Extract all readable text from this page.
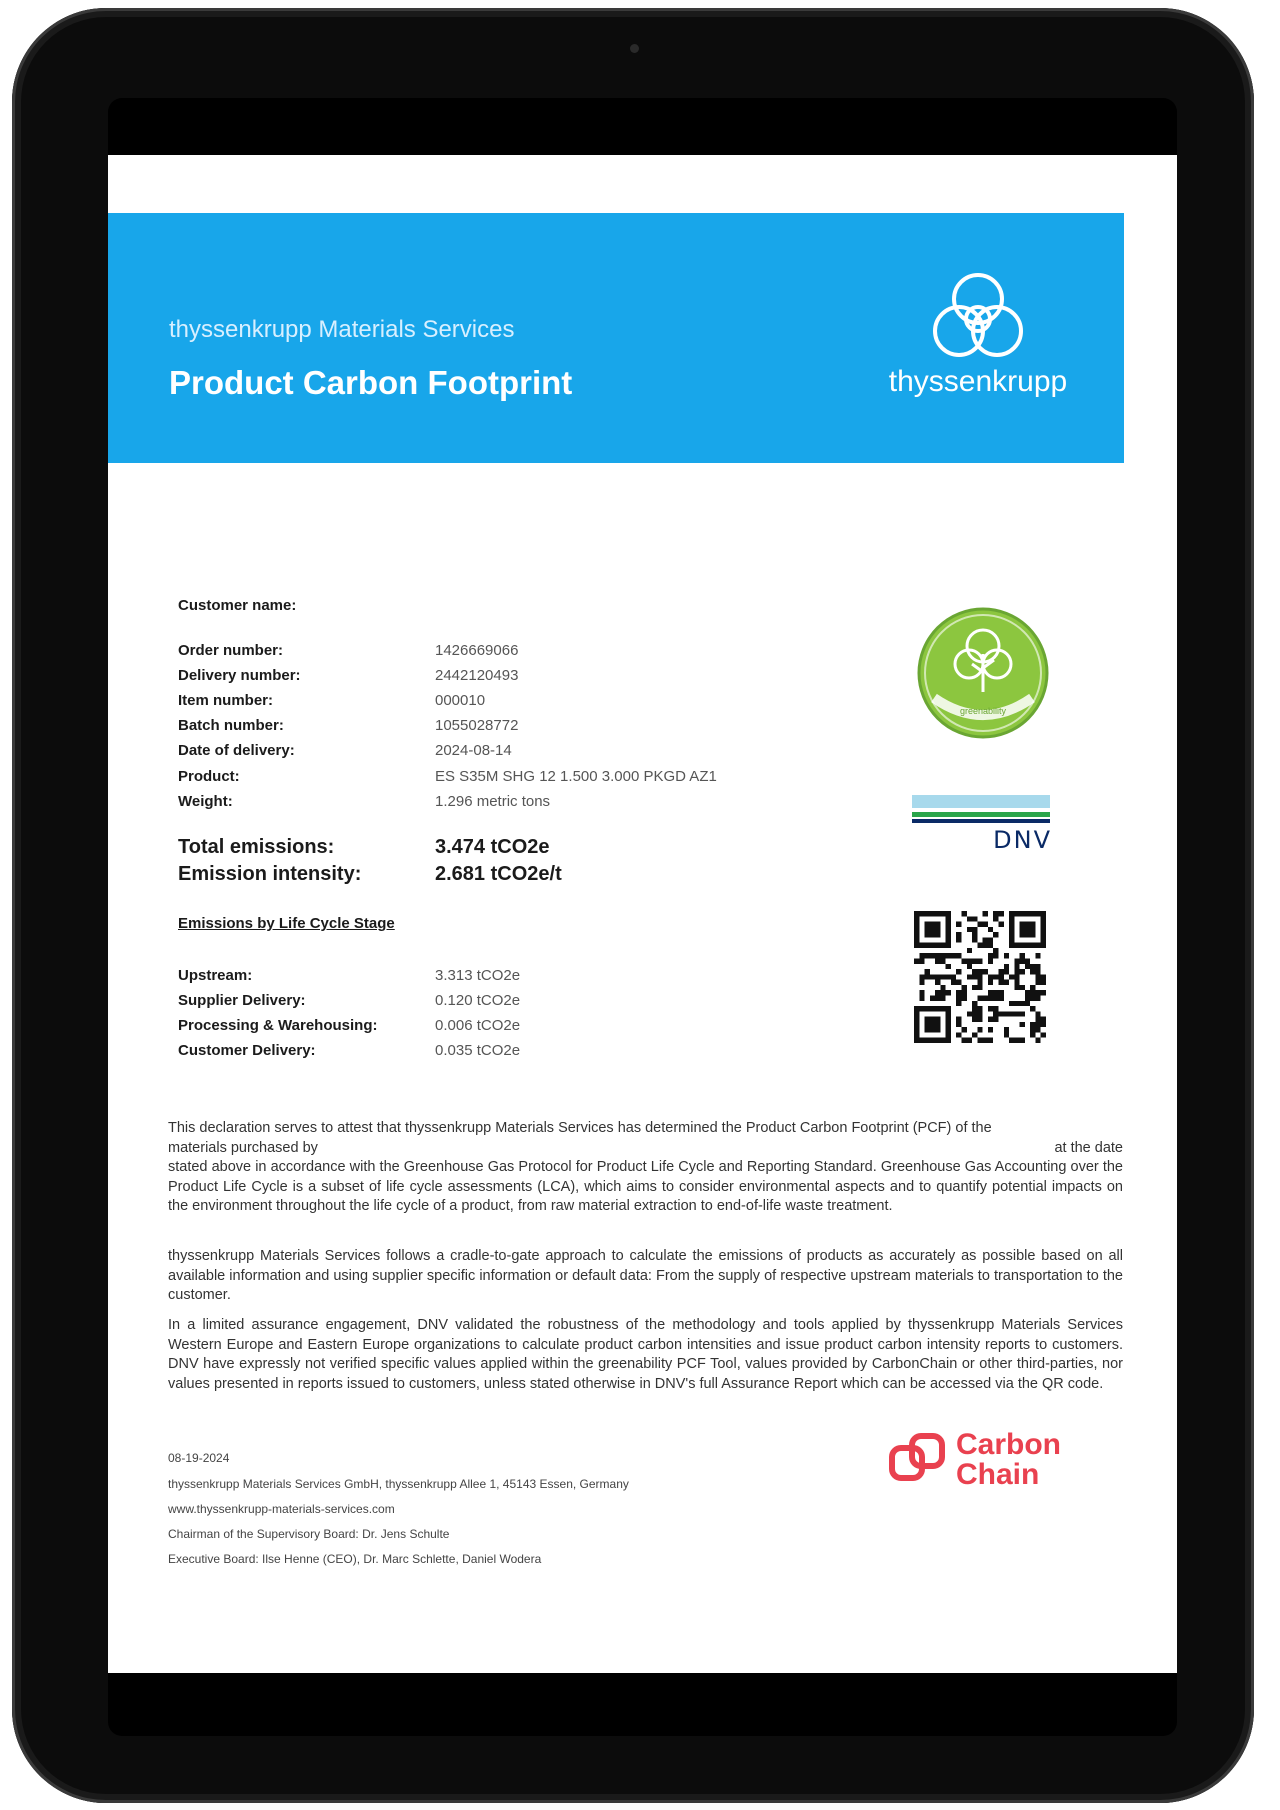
thyssenkrupp Materials Services
Product Carbon Footprint	thyssenkrupp
Customer name:
Order number:	1426669066
Delivery number:	2442120493
Item number:	000010
Batch number:	1055028772
Date of delivery:	2024-08-14
Product:	ES S35M SHG 12 1.500 3.000 PKGD AZ1
Weight:	1.296 metric tons
Total emissions:	3.474 tCO2e
Emission intensity:	2.681 tCO2e/t
Emissions by Life Cycle Stage
Upstream:	3.313 tCO2e
Supplier Delivery:	0.120 tCO2e
Processing & Warehousing:	0.006 tCO2e
Customer Delivery:	0.035 tCO2e
greenability
DNV

This declaration serves to attest that thyssenkrupp Materials Services has determined the Product Carbon Footprint (PCF) of the
materials purchased by	at the date

stated above in accordance with the Greenhouse Gas Protocol for Product Life Cycle and Reporting Standard. Greenhouse Gas Accounting over the Product Life Cycle is a subset of life cycle assessments (LCA), which aims to consider environmental aspects and to quantify potential impacts on the environment throughout the life cycle of a product, from raw material extraction to end-of-life waste treatment.

thyssenkrupp Materials Services follows a cradle-to-gate approach to calculate the emissions of products as accurately as possible based on all available information and using supplier specific information or default data: From the supply of respective upstream materials to transportation to the customer.

In a limited assurance engagement, DNV validated the robustness of the methodology and tools applied by thyssenkrupp Materials Services Western Europe and Eastern Europe organizations to calculate product carbon intensities and issue product carbon intensity reports to customers. DNV have expressly not verified specific values applied within the greenability PCF Tool, values provided by CarbonChain or other third-parties, nor values presented in reports issued to customers, unless stated otherwise in DNV's full Assurance Report which can be accessed via the QR code.

08-19-2024
thyssenkrupp Materials Services GmbH, thyssenkrupp Allee 1, 45143 Essen, Germany
www.thyssenkrupp-materials-services.com
Chairman of the Supervisory Board: Dr. Jens Schulte
Executive Board: Ilse Henne (CEO), Dr. Marc Schlette, Daniel Wodera
Carbon
Chain
